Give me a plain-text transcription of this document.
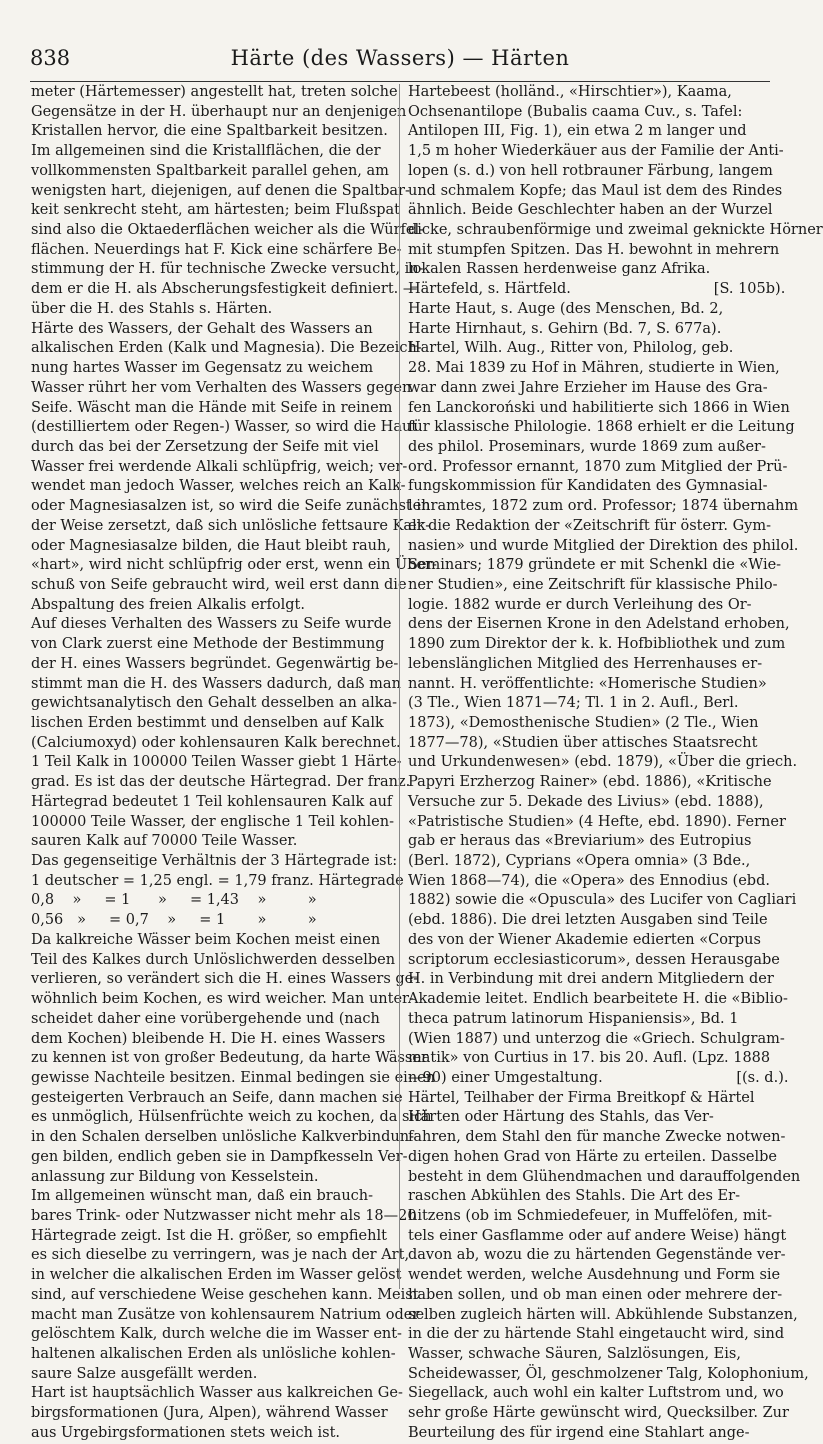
838	Härte (des Wassers) — Härten
meter (Härtemesser) angestellt hat, treten solche
Gegensätze in der H. überhaupt nur an denjenigen
Kristallen hervor, die eine Spaltbarkeit besitzen.
Im allgemeinen sind die Kristallflächen, die der
vollkommensten Spaltbarkeit parallel gehen, am
wenigsten hart, diejenigen, auf denen die Spaltbar-
keit senkrecht steht, am härtesten; beim Flußspat
sind also die Oktaederflächen weicher als die Würfel-
flächen. Neuerdings hat F. Kick eine schärfere Be-
stimmung der H. für technische Zwecke versucht, in-
dem er die H. als Abscherungsfestigkeit definiert. —
über die H. des Stahls s. Härten.
Härte des Wassers, der Gehalt des Wassers an
alkalischen Erden (Kalk und Magnesia). Die Bezeich-
nung hartes Wasser im Gegensatz zu weichem
Wasser rührt her vom Verhalten des Wassers gegen
Seife. Wäscht man die Hände mit Seife in reinem
(destilliertem oder Regen-) Wasser, so wird die Haut
durch das bei der Zersetzung der Seife mit viel
Wasser frei werdende Alkali schlüpfrig, weich; ver-
wendet man jedoch Wasser, welches reich an Kalk-
oder Magnesiasalzen ist, so wird die Seife zunächst in
der Weise zersetzt, daß sich unlösliche fettsaure Kalk-
oder Magnesiasalze bilden, die Haut bleibt rauh,
«hart», wird nicht schlüpfrig oder erst, wenn ein Über-
schuß von Seife gebraucht wird, weil erst dann die
Abspaltung des freien Alkalis erfolgt.
Auf dieses Verhalten des Wassers zu Seife wurde
von Clark zuerst eine Methode der Bestimmung
der H. eines Wassers begründet. Gegenwärtig be-
stimmt man die H. des Wassers dadurch, daß man
gewichtsanalytisch den Gehalt desselben an alka-
lischen Erden bestimmt und denselben auf Kalk
(Calciumoxyd) oder kohlensauren Kalk berechnet.
1 Teil Kalk in 100000 Teilen Wasser giebt 1 Härte-
grad. Es ist das der deutsche Härtegrad. Der franz.
Härtegrad bedeutet 1 Teil kohlensauren Kalk auf
100000 Teile Wasser, der englische 1 Teil kohlen-
sauren Kalk auf 70000 Teile Wasser.
Das gegenseitige Verhältnis der 3 Härtegrade ist:
1 deutscher = 1,25 engl. = 1,79 franz. Härtegrade
0,8    »     = 1      »     = 1,43    »         »
0,56   »     = 0,7    »     = 1       »         »
Da kalkreiche Wässer beim Kochen meist einen
Teil des Kalkes durch Unlöslichwerden desselben
verlieren, so verändert sich die H. eines Wassers ge-
wöhnlich beim Kochen, es wird weicher. Man unter-
scheidet daher eine vorübergehende und (nach
dem Kochen) bleibende H. Die H. eines Wassers
zu kennen ist von großer Bedeutung, da harte Wässer
gewisse Nachteile besitzen. Einmal bedingen sie einen
gesteigerten Verbrauch an Seife, dann machen sie
es unmöglich, Hülsenfrüchte weich zu kochen, da sich
in den Schalen derselben unlösliche Kalkverbindun-
gen bilden, endlich geben sie in Dampfkesseln Ver-
anlassung zur Bildung von Kesselstein.
Im allgemeinen wünscht man, daß ein brauch-
bares Trink- oder Nutzwasser nicht mehr als 18—20
Härtegrade zeigt. Ist die H. größer, so empfiehlt
es sich dieselbe zu verringern, was je nach der Art,
in welcher die alkalischen Erden im Wasser gelöst
sind, auf verschiedene Weise geschehen kann. Meist
macht man Zusätze von kohlensaurem Natrium oder
gelöschtem Kalk, durch welche die im Wasser ent-
haltenen alkalischen Erden als unlösliche kohlen-
saure Salze ausgefällt werden.
Hart ist hauptsächlich Wasser aus kalkreichen Ge-
birgsformationen (Jura, Alpen), während Wasser
aus Urgebirgsformationen stets weich ist.
Hartebeest (holländ., «Hirschtier»), Kaama,
Ochsenantilope (Bubalis caama Cuv., s. Tafel:
Antilopen III, Fig. 1), ein etwa 2 m langer und
1,5 m hoher Wiederkäuer aus der Familie der Anti-
lopen (s. d.) von hell rotbrauner Färbung, langem
und schmalem Kopfe; das Maul ist dem des Rindes
ähnlich. Beide Geschlechter haben an der Wurzel
dicke, schraubenförmige und zweimal geknickte Hörner
mit stumpfen Spitzen. Das H. bewohnt in mehrern
lokalen Rassen herdenweise ganz Afrika.
Härtefeld, s. Härtfeld.                               [S. 105b).
Harte Haut, s. Auge (des Menschen, Bd. 2,
Harte Hirnhaut, s. Gehirn (Bd. 7, S. 677a).
Hartel, Wilh. Aug., Ritter von, Philolog, geb.
28. Mai 1839 zu Hof in Mähren, studierte in Wien,
war dann zwei Jahre Erzieher im Hause des Gra-
fen Lanckoroński und habilitierte sich 1866 in Wien
für klassische Philologie. 1868 erhielt er die Leitung
des philol. Proseminars, wurde 1869 zum außer-
ord. Professor ernannt, 1870 zum Mitglied der Prü-
fungskommission für Kandidaten des Gymnasial-
lehramtes, 1872 zum ord. Professor; 1874 übernahm
er die Redaktion der «Zeitschrift für österr. Gym-
nasien» und wurde Mitglied der Direktion des philol.
Seminars; 1879 gründete er mit Schenkl die «Wie-
ner Studien», eine Zeitschrift für klassische Philo-
logie. 1882 wurde er durch Verleihung des Or-
dens der Eisernen Krone in den Adelstand erhoben,
1890 zum Direktor der k. k. Hofbibliothek und zum
lebenslänglichen Mitglied des Herrenhauses er-
nannt. H. veröffentlichte: «Homerische Studien»
(3 Tle., Wien 1871—74; Tl. 1 in 2. Aufl., Berl.
1873), «Demosthenische Studien» (2 Tle., Wien
1877—78), «Studien über attisches Staatsrecht
und Urkundenwesen» (ebd. 1879), «Über die griech.
Papyri Erzherzog Rainer» (ebd. 1886), «Kritische
Versuche zur 5. Dekade des Livius» (ebd. 1888),
«Patristische Studien» (4 Hefte, ebd. 1890). Ferner
gab er heraus das «Breviarium» des Eutropius
(Berl. 1872), Cyprians «Opera omnia» (3 Bde.,
Wien 1868—74), die «Opera» des Ennodius (ebd.
1882) sowie die «Opuscula» des Lucifer von Cagliari
(ebd. 1886). Die drei letzten Ausgaben sind Teile
des von der Wiener Akademie edierten «Corpus
scriptorum ecclesiasticorum», dessen Herausgabe
H. in Verbindung mit drei andern Mitgliedern der
Akademie leitet. Endlich bearbeitete H. die «Biblio-
theca patrum latinorum Hispaniensis», Bd. 1
(Wien 1887) und unterzog die «Griech. Schulgram-
matik» von Curtius in 17. bis 20. Aufl. (Lpz. 1888
—90) einer Umgestaltung.                             [(s. d.).
Härtel, Teilhaber der Firma Breitkopf & Härtel
Härten oder Härtung des Stahls, das Ver-
fahren, dem Stahl den für manche Zwecke notwen-
digen hohen Grad von Härte zu erteilen. Dasselbe
besteht in dem Glühendmachen und darauffolgenden
raschen Abkühlen des Stahls. Die Art des Er-
hitzens (ob im Schmiedefeuer, in Muffelöfen, mit-
tels einer Gasflamme oder auf andere Weise) hängt
davon ab, wozu die zu härtenden Gegenstände ver-
wendet werden, welche Ausdehnung und Form sie
haben sollen, und ob man einen oder mehrere der-
selben zugleich härten will. Abkühlende Substanzen,
in die der zu härtende Stahl eingetaucht wird, sind
Wasser, schwache Säuren, Salzlösungen, Eis,
Scheidewasser, Öl, geschmolzener Talg, Kolophonium,
Siegellack, auch wohl ein kalter Luftstrom und, wo
sehr große Härte gewünscht wird, Quecksilber. Zur
Beurteilung des für irgend eine Stahlart ange-
